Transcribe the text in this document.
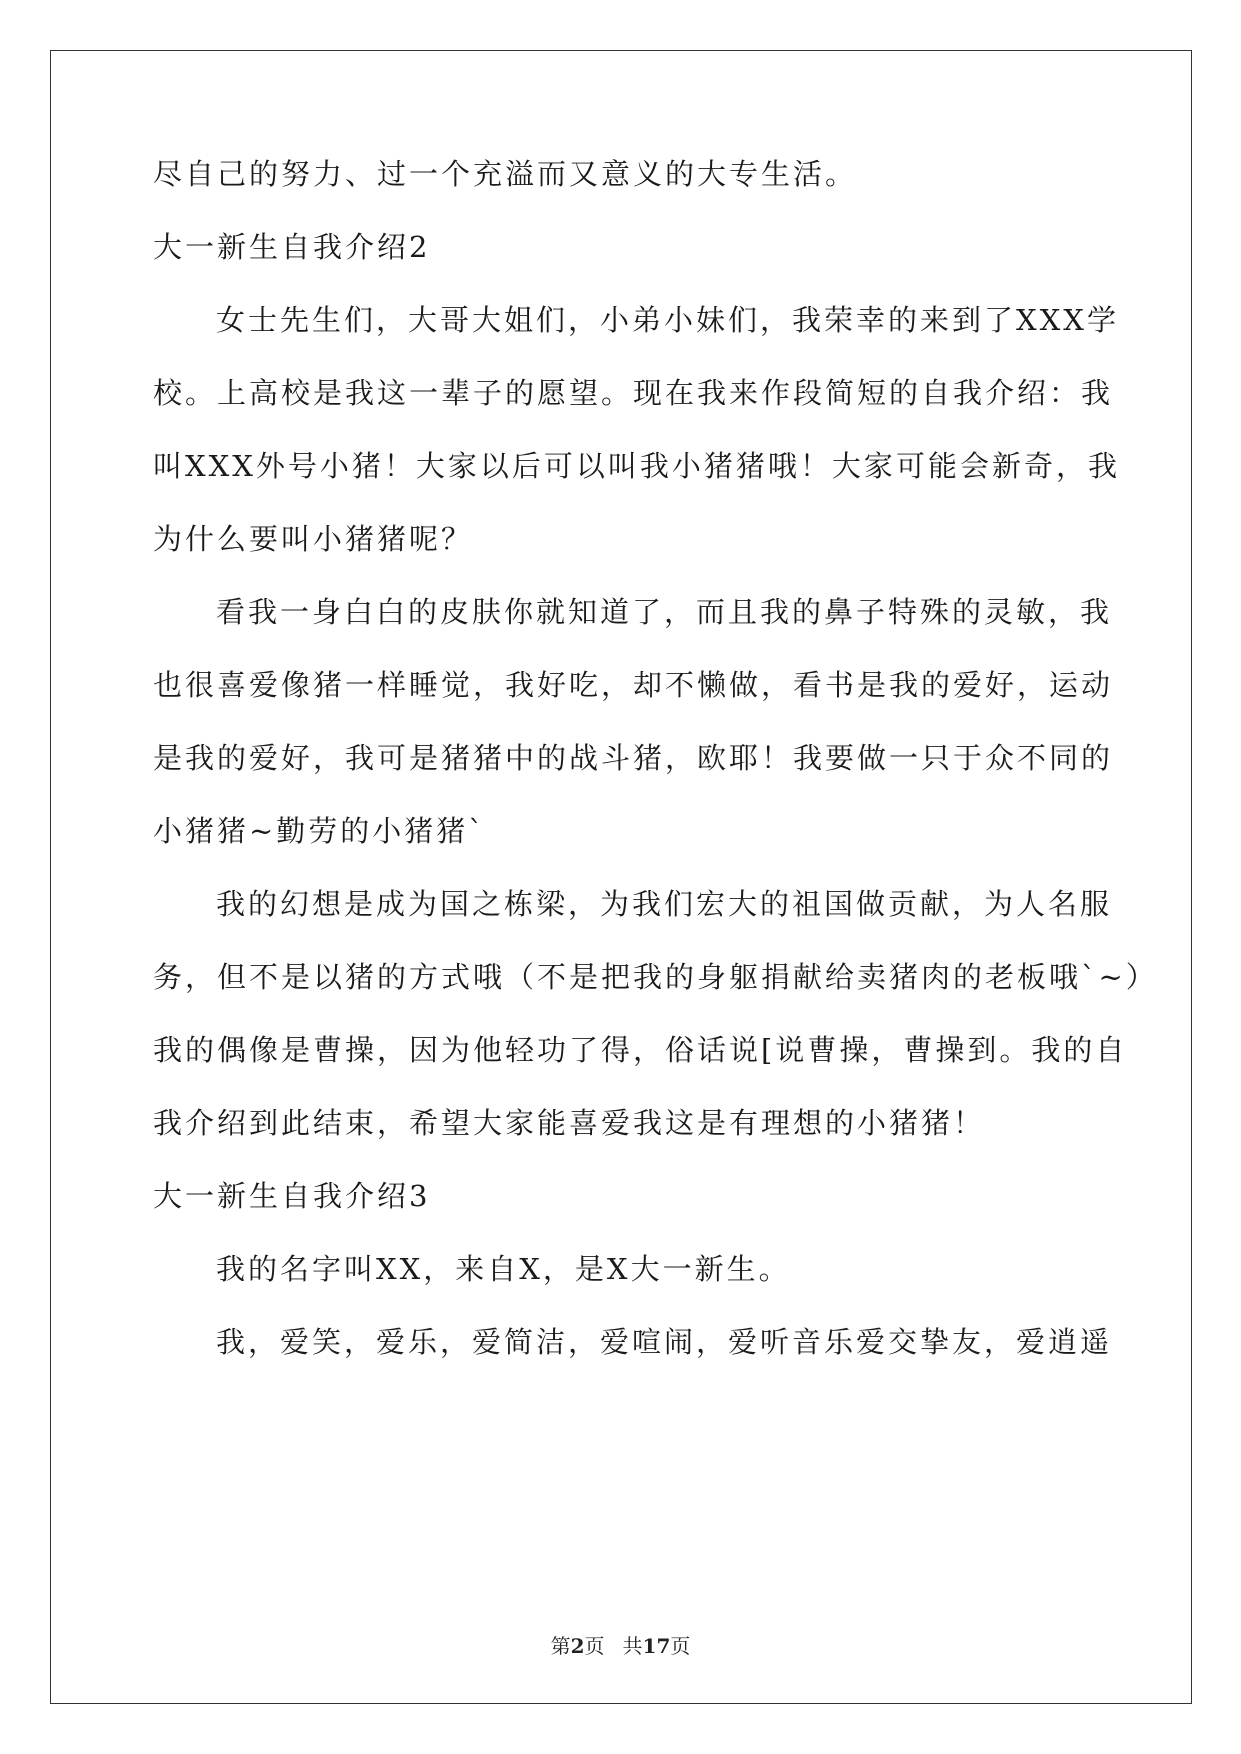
尽自己的努力、过一个充溢而又意义的大专生活。
大一新生自我介绍2
女士先生们，大哥大姐们，小弟小妹们，我荣幸的来到了XXX学
校。上高校是我这一辈子的愿望。现在我来作段简短的自我介绍：我
叫XXX外号小猪！大家以后可以叫我小猪猪哦！大家可能会新奇，我
为什么要叫小猪猪呢？
看我一身白白的皮肤你就知道了，而且我的鼻子特殊的灵敏，我
也很喜爱像猪一样睡觉，我好吃，却不懒做，看书是我的爱好，运动
是我的爱好，我可是猪猪中的战斗猪，欧耶！我要做一只于众不同的
小猪猪~勤劳的小猪猪`
我的幻想是成为国之栋梁，为我们宏大的祖国做贡献，为人名服
务，但不是以猪的方式哦（不是把我的身躯捐献给卖猪肉的老板哦`~）
我的偶像是曹操，因为他轻功了得，俗话说[说曹操，曹操到。我的自
我介绍到此结束，希望大家能喜爱我这是有理想的小猪猪！
大一新生自我介绍3
我的名字叫XX，来自X，是X大一新生。
我，爱笑，爱乐，爱简洁，爱喧闹，爱听音乐爱交挚友，爱逍遥
第2页 共17页
